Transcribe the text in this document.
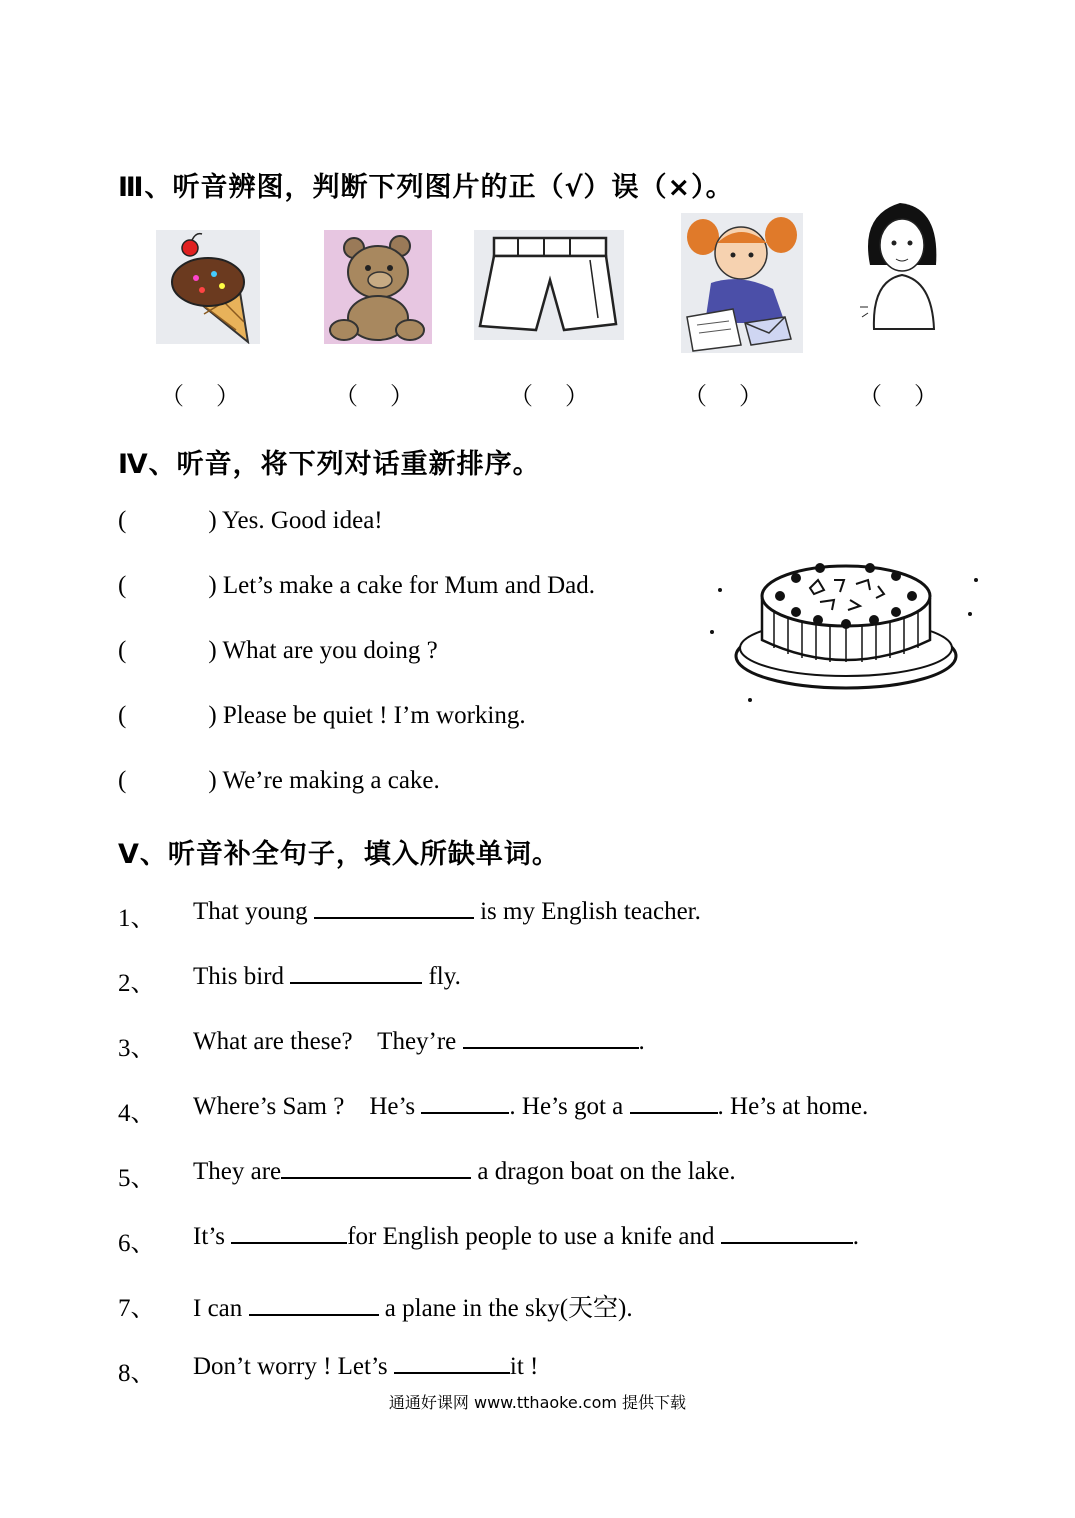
Ⅲ、听音辨图，判断下列图片的正（√）误（×）。
（ ）	（ ）	（ ）	（ ）	（ ）
Ⅳ、听音，将下列对话重新排序。
(	) Yes. Good idea!
(	) Let’s make a cake for Mum and Dad.
(	) What are you doing ?
(	) Please be quiet ! I’m working.
(	) We’re making a cake.
Ⅴ、听音补全句子，填入所缺单词。
1、	That young	is my English teacher.
2、	This bird	fly.
3、	What are these?    They’re	.
4、	Where’s Sam ?    He’s	. He’s got a	. He’s at home.
5、	They are	a dragon boat on the lake.
6、	It’s	for English people to use a knife and	.
7、	I can	a plane in the sky(天空).
8、	Don’t worry ! Let’s	it !
通通好课网 www.tthaoke.com 提供下载
